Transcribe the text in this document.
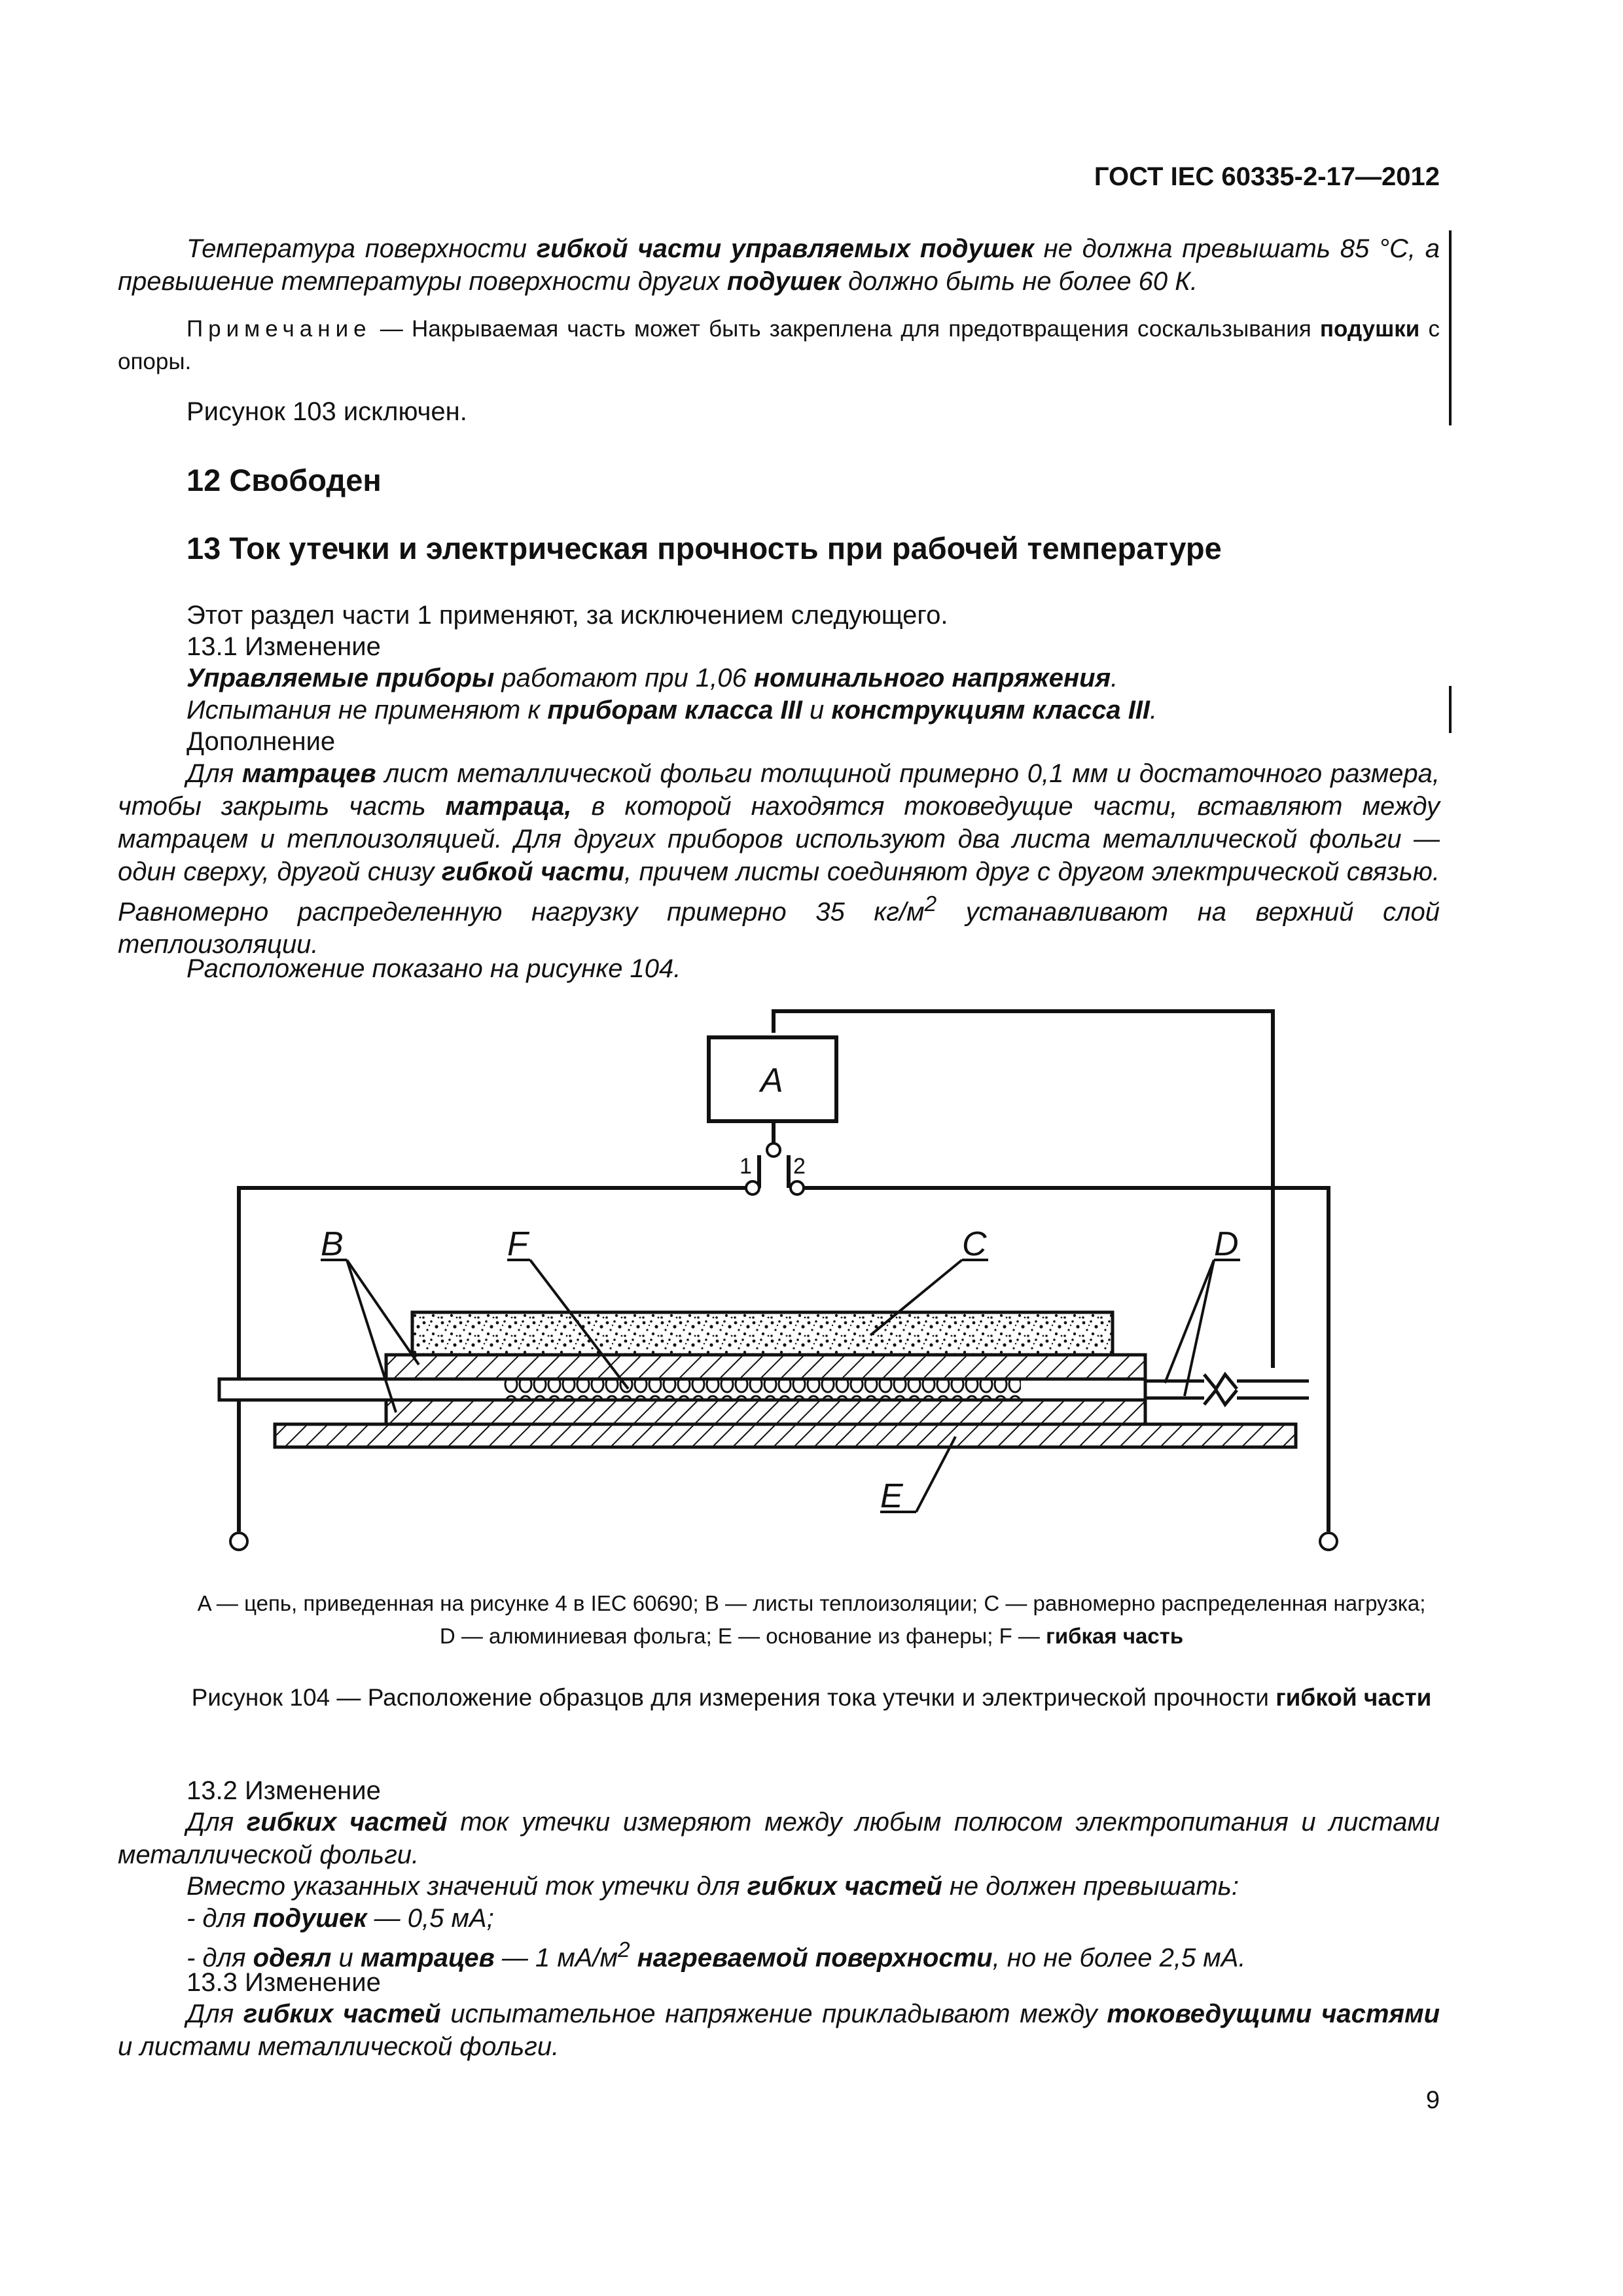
ГОСТ IEC 60335-2-17—2012
Температура поверхности гибкой части управляемых подушек не должна превышать 85 °С, а превышение температуры поверхности других подушек должно быть не более 60 К.
Примечание — Накрываемая часть может быть закреплена для предотвращения соскальзывания подушки с опоры.
Рисунок 103 исключен.
12 Свободен
13 Ток утечки и электрическая прочность при рабочей температуре
Этот раздел части 1 применяют, за исключением следующего.
13.1 Изменение
Управляемые приборы работают при 1,06 номинального напряжения.
Испытания не применяют к приборам класса III и конструкциям класса III.
Дополнение
Для матрацев лист металлической фольги толщиной примерно 0,1 мм и достаточного размера, чтобы закрыть часть матраца, в которой находятся токоведущие части, вставляют между матрацем и теплоизоляцией. Для других приборов используют два листа металлической фольги — один сверху, другой снизу гибкой части, причем листы соединяют друг с другом электрической связью. Равномерно распределенную нагрузку примерно 35 $кг/м^2$ устанавливают на верхний слой теплоизоляции.
Расположение показано на рисунке 104.
A
1 2
B	F	C	D
E
A — цепь, приведенная на рисунке 4 в IEC 60690; B — листы теплоизоляции; C — равномерно распределенная нагрузка;
D — алюминиевая фольга; E — основание из фанеры; F — гибкая часть
Рисунок 104 — Расположение образцов для измерения тока утечки и электрической прочности гибкой части
13.2 Изменение
Для гибких частей ток утечки измеряют между любым полюсом электропитания и листами металлической фольги.
Вместо указанных значений ток утечки для гибких частей не должен превышать:
- для подушек — 0,5 мА;
- для одеял и матрацев — 1 $мА/м^2$ нагреваемой поверхности, но не более 2,5 мА.
13.3 Изменение
Для гибких частей испытательное напряжение прикладывают между токоведущими частями и листами металлической фольги.
9
